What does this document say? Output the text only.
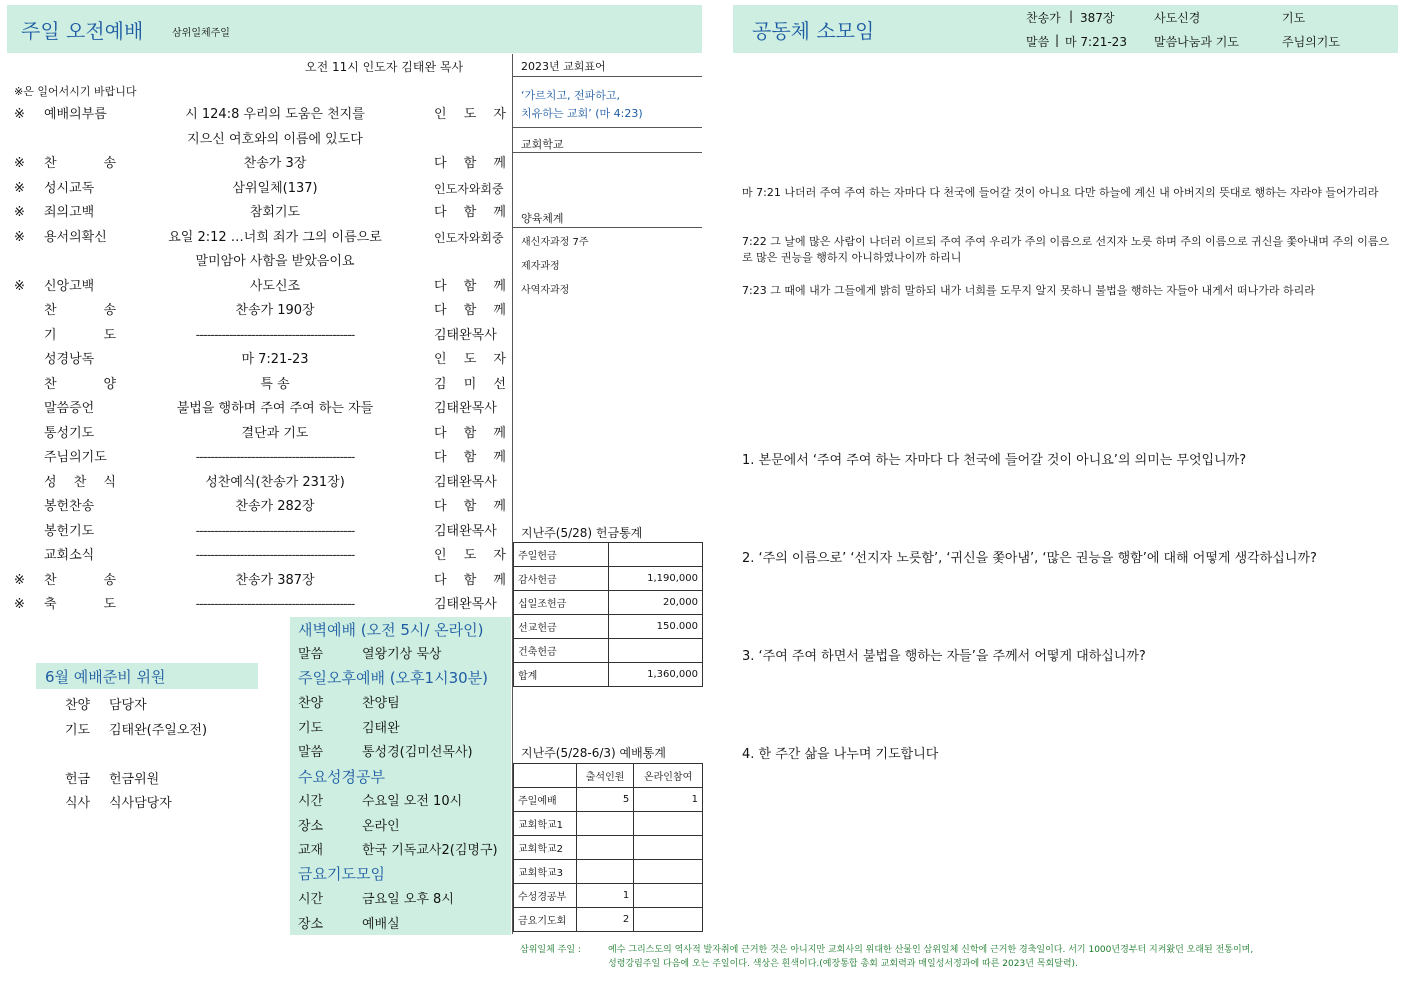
주일 오전예배	삼위일체주일	공동체 소모임
찬송가 | 387장	사도신경	기도
말씀 | 마 7:21-23 말씀나눔과 기도	주님의기도
오전 11시 인도자 김태완 목사
※은 일어서시기 바랍니다
※ 예배의부름	시 124:8 우리의 도움은 천지를	인 도 자
지으신 여호와의 이름에 있도다
※ 찬 송	찬송가 3장	다 함 께
※ 성시교독	삼위일체(137)	인도자와회중
※ 죄의고백	참회기도	다 함 께
※ 용서의확신	요일 2:12 …너희 죄가 그의 이름으로	인도자와회중
말미암아 사함을 받았음이요
※ 신앙고백	사도신조	다 함 께
찬 송	찬송가 190장	다 함 께
기 도	-------------------------------------------	김태완목사
성경낭독	마 7:21-23	인 도 자
찬 양	특 송	김 미 선
말씀증언	불법을 행하며 주여 주여 하는 자들	김태완목사
통성기도	결단과 기도	다 함 께
주님의기도	-------------------------------------------	다 함 께
성 찬 식	성찬예식(찬송가 231장)	김태완목사
봉헌찬송	찬송가 282장	다 함 께
봉헌기도	-------------------------------------------	김태완목사
교회소식	-------------------------------------------	인 도 자
※ 찬 송	찬송가 387장	다 함 께
※ 축 도	-------------------------------------------	김태완목사
2023년 교회표어
‘가르치고, 전파하고,
치유하는 교회’ (마 4:23)
교회학교
양육체계
새신자과정 7주
제자과정
사역자과정
지난주(5/28) 헌금통계
주일헌금	
감사헌금	1,190,000
십일조헌금	20,000
선교헌금	150.000
건축헌금	
합계	1,360,000
지난주(5/28-6/3) 예배통계
	출석인원	온라인참여
주일예배	5	1
교회학교1		
교회학교2		
교회학교3		
수성경공부	1	
금요기도회	2	
6월 예배준비 위원
찬양 담당자
기도 김태완(주일오전)
헌금 헌금위원
식사 식사담당자
새벽예배 (오전 5시/ 온라인)
말씀	열왕기상 묵상
주일오후예배 (오후1시30분)
찬양	찬양팀
기도	김태완
말씀	통성경(김미선목사)
시간	수요일 오전 10시
장소	온라인
교재	한국 기독교사2(김명구)
시간	금요일 오후 8시
장소	예배실
수요성경공부
금요기도모임
마 7:21 나더러 주여 주여 하는 자마다 다 천국에 들어갈 것이 아니요 다만 하늘에 계신 내 아버지의 뜻대로 행하는 자라야 들어가리라
7:22 그 날에 많은 사람이 나더러 이르되 주여 주여 우리가 주의 이름으로 선지자 노릇 하며 주의 이름으로 귀신을 쫓아내며 주의 이름으로 많은 권능을 행하지 아니하였나이까 하리니
7:23 그 때에 내가 그들에게 밝히 말하되 내가 너희를 도무지 알지 못하니 불법을 행하는 자들아 내게서 떠나가라 하리라
1. 본문에서 ‘주여 주여 하는 자마다 다 천국에 들어갈 것이 아니요’의 의미는 무엇입니까?
2. ‘주의 이름으로’ ‘선지자 노릇함’, ‘귀신을 쫓아냄’, ‘많은 권능을 행함’에 대해 어떻게 생각하십니까?
3. ‘주여 주여 하면서 불법을 행하는 자들’을 주께서 어떻게 대하십니까?
4. 한 주간 삶을 나누며 기도합니다
삼위일체 주일 :	예수 그리스도의 역사적 발자취에 근거한 것은 아니지만 교회사의 위대한 산물인 삼위일체 신학에 근거한 경축일이다. 서기 1000년경부터 지켜왔던 오래된 전통이며,
성령강림주일 다음에 오는 주일이다. 색상은 흰색이다.(예장통합 총회 교회력과 매일성서정과에 따른 2023년 목회달력).
